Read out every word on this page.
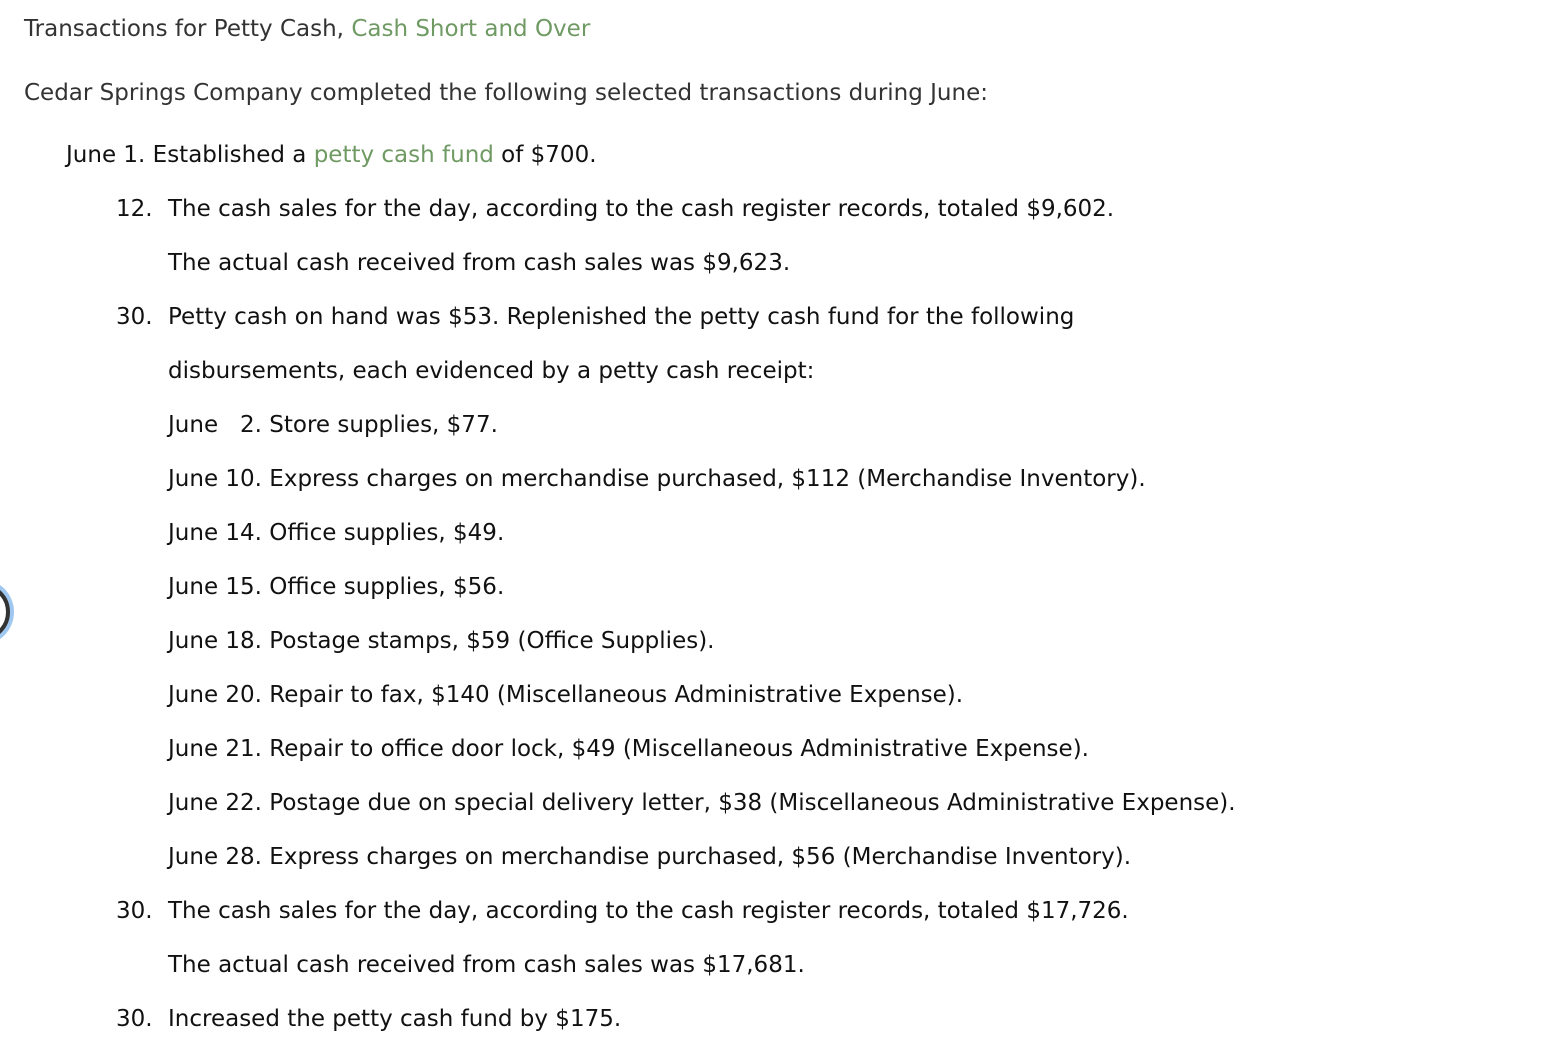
Transactions for Petty Cash, Cash Short and Over
Cedar Springs Company completed the following selected transactions during June:
June 1. Established a petty cash fund of $700.
12. The cash sales for the day, according to the cash register records, totaled $9,602.
The actual cash received from cash sales was $9,623.
30. Petty cash on hand was $53. Replenished the petty cash fund for the following
disbursements, each evidenced by a petty cash receipt:
June   2. Store supplies, $77.
June 10. Express charges on merchandise purchased, $112 (Merchandise Inventory).
June 14. Office supplies, $49.
June 15. Office supplies, $56.
June 18. Postage stamps, $59 (Office Supplies).
June 20. Repair to fax, $140 (Miscellaneous Administrative Expense).
June 21. Repair to office door lock, $49 (Miscellaneous Administrative Expense).
June 22. Postage due on special delivery letter, $38 (Miscellaneous Administrative Expense).
June 28. Express charges on merchandise purchased, $56 (Merchandise Inventory).
30. The cash sales for the day, according to the cash register records, totaled $17,726.
The actual cash received from cash sales was $17,681.
30. Increased the petty cash fund by $175.
